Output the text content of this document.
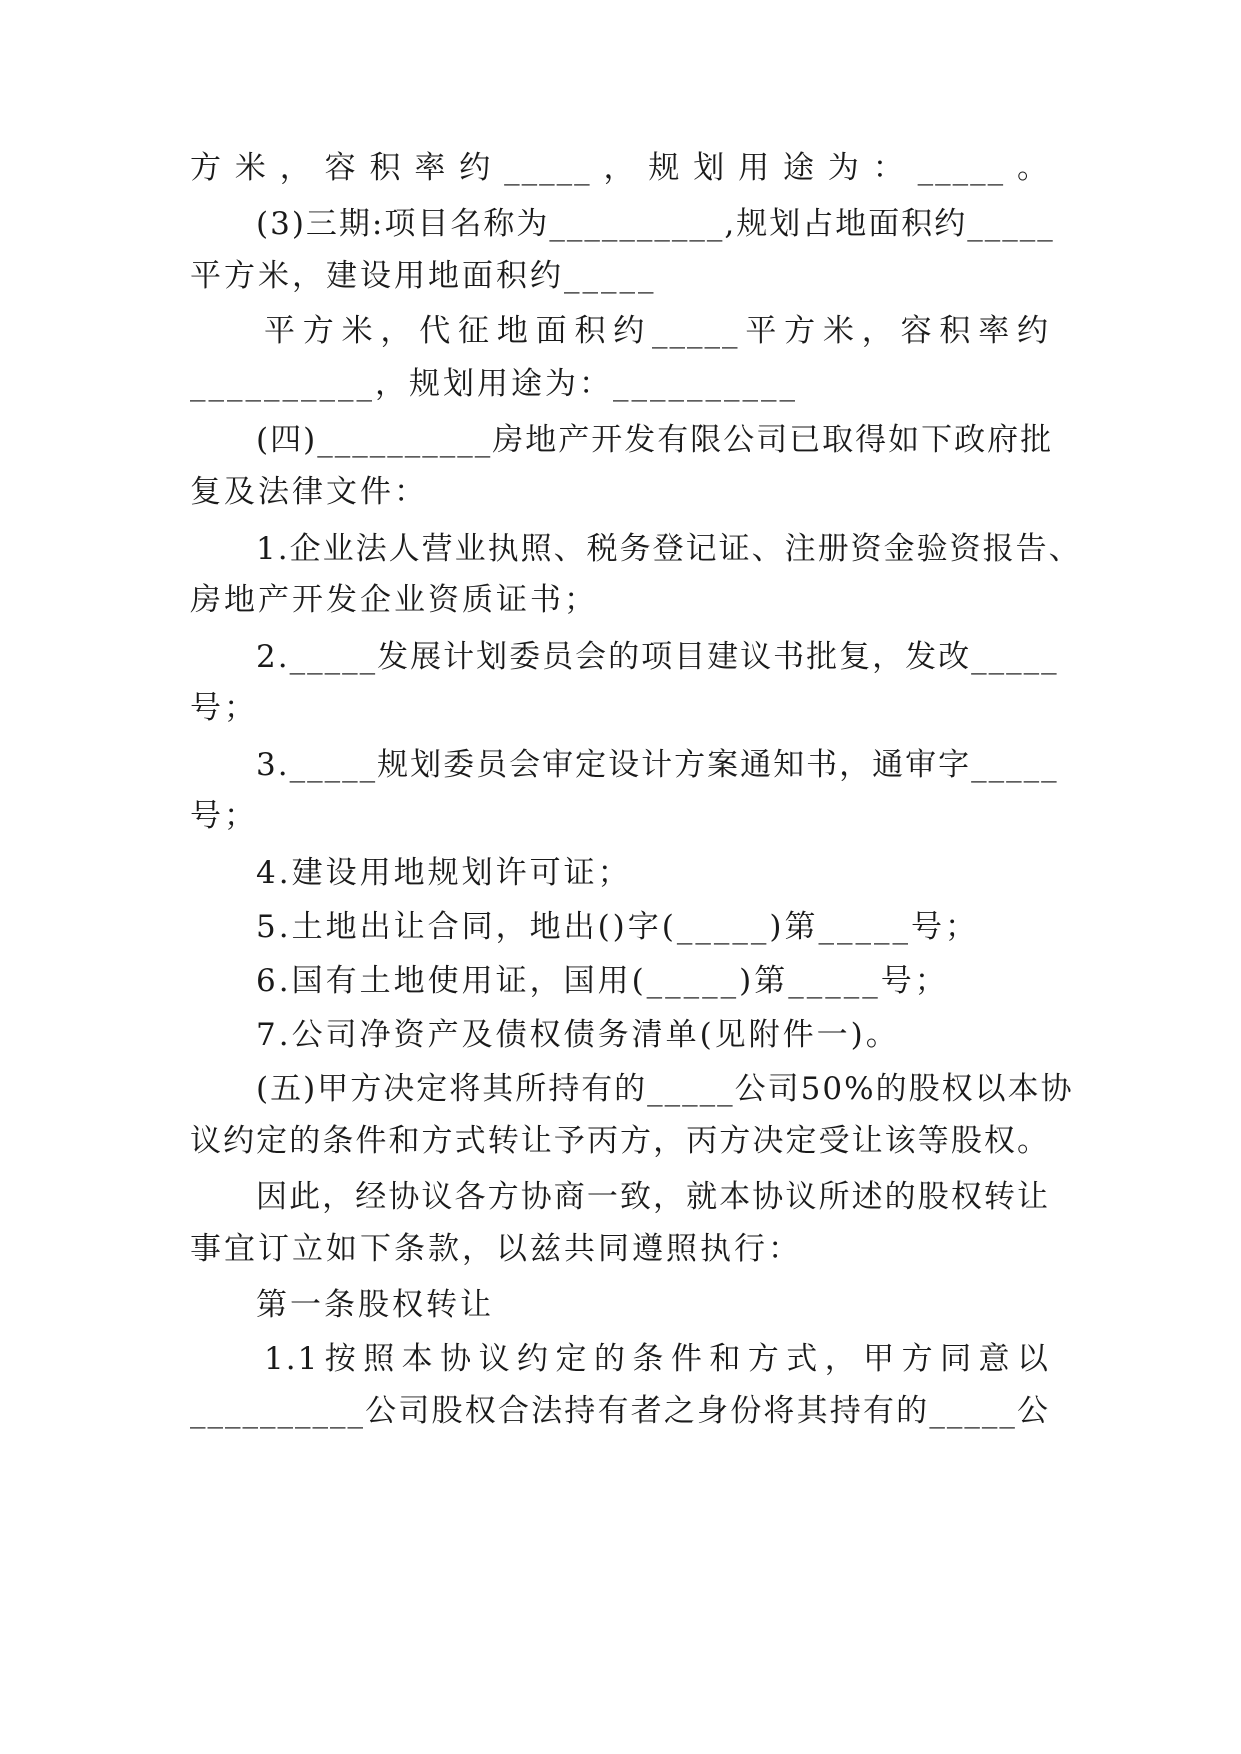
方米，容积率约_____，规划用途为：_____。
(3)三期:项目名称为__________,规划占地面积约_____
平方米，建设用地面积约_____
平方米，代征地面积约_____平方米，容积率约
__________，规划用途为：__________
(四)__________房地产开发有限公司已取得如下政府批
复及法律文件：
1.企业法人营业执照、税务登记证、注册资金验资报告、
房地产开发企业资质证书；
2._____发展计划委员会的项目建议书批复，发改_____
号；
3._____规划委员会审定设计方案通知书，通审字_____
号；
4.建设用地规划许可证；
5.土地出让合同，地出()字(_____)第_____号；
6.国有土地使用证，国用(_____)第_____号；
7.公司净资产及债权债务清单(见附件一)。
(五)甲方决定将其所持有的_____公司50%的股权以本协
议约定的条件和方式转让予丙方，丙方决定受让该等股权。
因此，经协议各方协商一致，就本协议所述的股权转让
事宜订立如下条款，以兹共同遵照执行：
第一条股权转让
1.1按照本协议约定的条件和方式，甲方同意以
__________公司股权合法持有者之身份将其持有的_____公
